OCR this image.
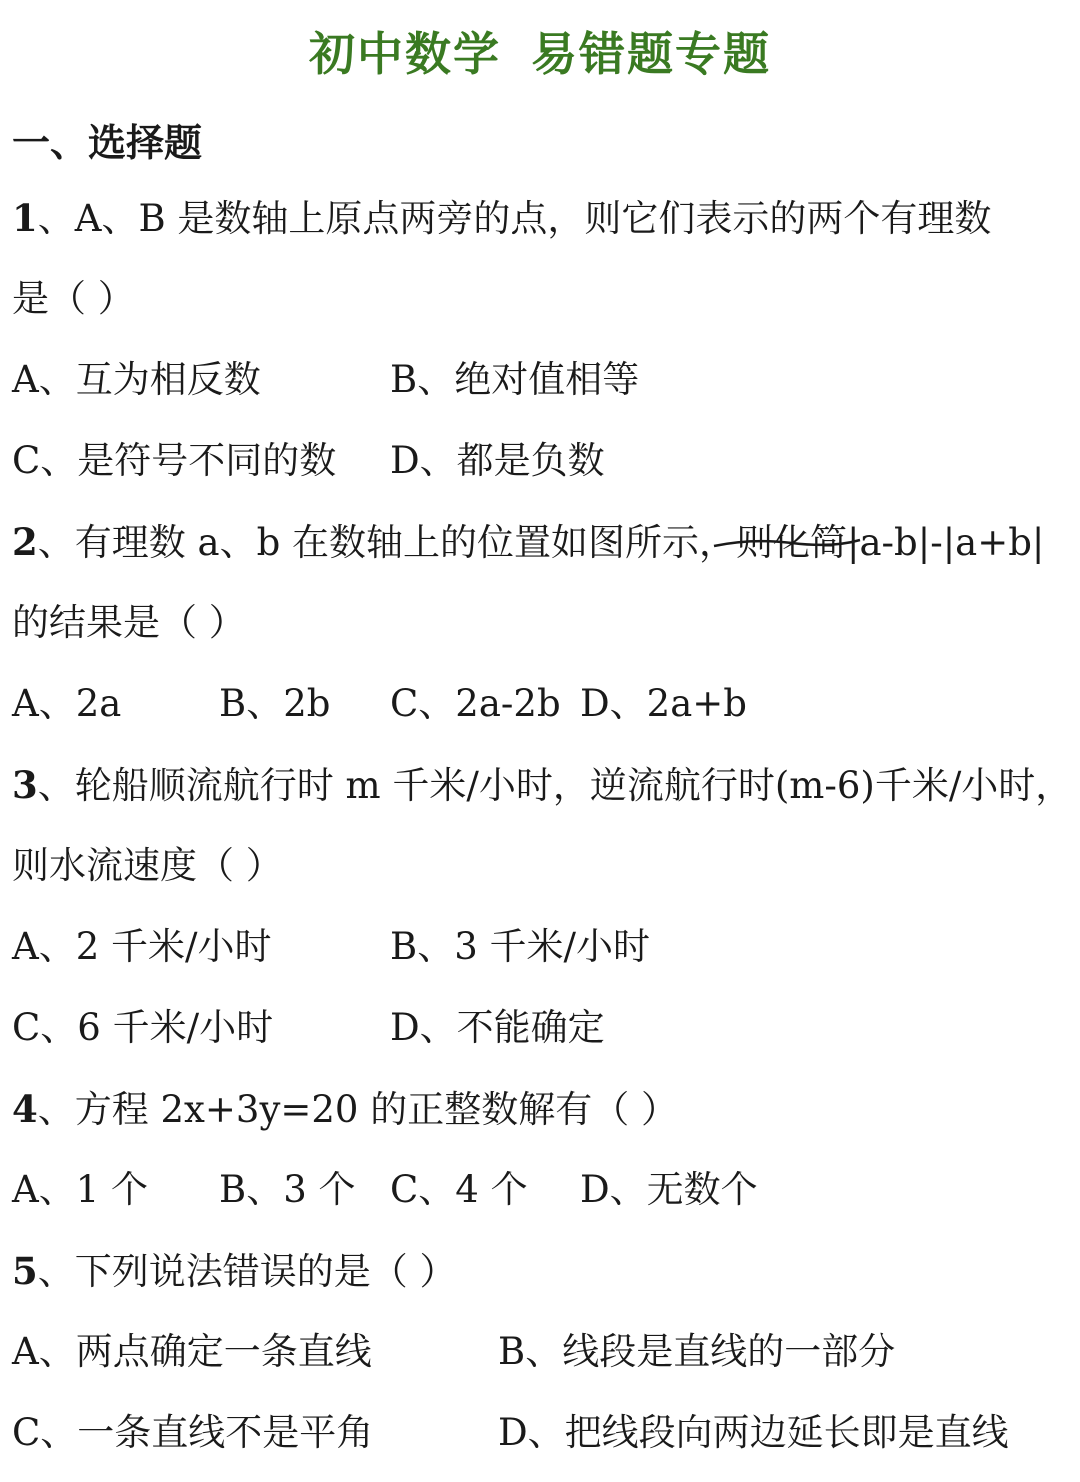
初中数学 易错题专题
一、选择题
1、A、B 是数轴上原点两旁的点，则它们表示的两个有理数
是（ ）
A、互为相反数	B、绝对值相等
C、是符号不同的数 D、都是负数
2、有理数 a、b 在数轴上的位置如图所示，则化简|a-b|-|a+b|
的结果是（ ）
A、2a	B、2b C、2a-2b D、2a+b
3、轮船顺流航行时 m 千米/小时，逆流航行时(m-6)千米/小时，
则水流速度（ ）
A、2 千米/小时	B、3 千米/小时
C、6 千米/小时	D、不能确定
4、方程 2x+3y=20 的正整数解有（ ）
A、1 个 B、3 个 C、4 个 D、无数个
5、下列说法错误的是（ ）
A、两点确定一条直线	B、线段是直线的一部分
C、一条直线不是平角	D、把线段向两边延长即是直线
